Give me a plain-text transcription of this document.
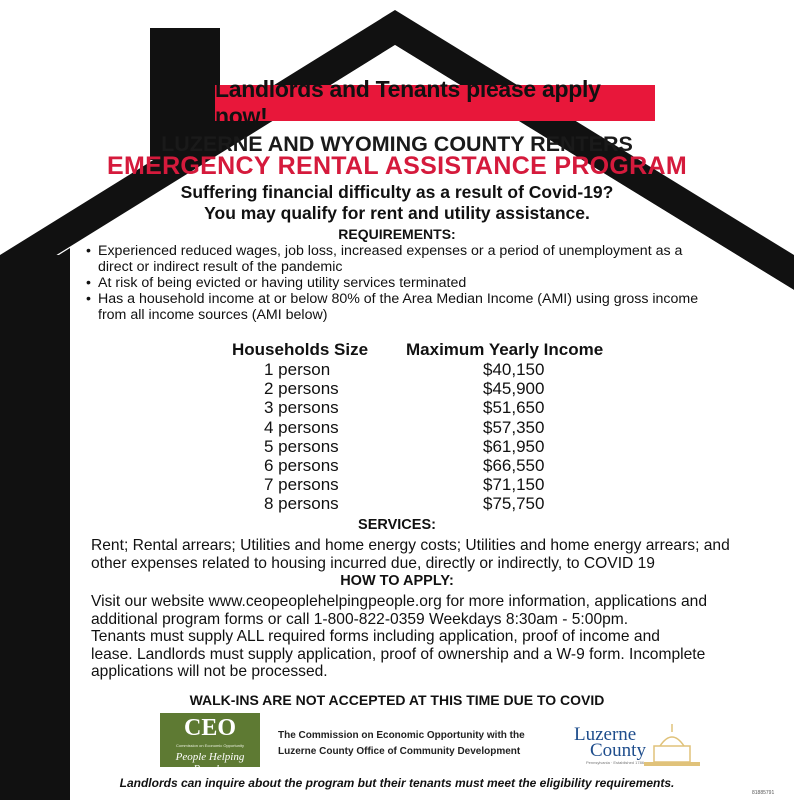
Landlords and Tenants please apply now!
LUZERNE AND WYOMING COUNTY RENTERS
EMERGENCY RENTAL ASSISTANCE PROGRAM
Suffering financial difficulty as a result of Covid-19?
You may qualify for rent and utility assistance.
REQUIREMENTS:
• Experienced reduced wages, job loss, increased expenses or a period of unemployment as a
direct or indirect result of the pandemic
• At risk of being evicted or having utility services terminated
• Has a household income at or below 80% of the Area Median Income (AMI) using gross income
from all income sources (AMI below)
Households Size Maximum Yearly Income
1 person
2 persons
3 persons
4 persons
5 persons
6 persons
7 persons
8 persons
$40,150
$45,900
$51,650
$57,350
$61,950
$66,550
$71,150
$75,750
SERVICES:
Rent; Rental arrears; Utilities and home energy costs; Utilities and home energy arrears; and
other expenses related to housing incurred due, directly or indirectly, to COVID 19
HOW TO APPLY:
Visit our website www.ceopeoplehelpingpeople.org for more information, applications and
additional program forms or call 1-800-822-0359 Weekdays 8:30am - 5:00pm.
Tenants must supply ALL required forms including application, proof of income and
lease. Landlords must supply application, proof of ownership and a W-9 form. Incomplete
applications will not be processed.
WALK-INS ARE NOT ACCEPTED AT THIS TIME DUE TO COVID
CEO
Commission on Economic Opportunity
People Helping People.
The Commission on Economic Opportunity with the
Luzerne County Office of Community Development
Luzerne
County
Pennsylvania · Established 1786
Landlords can inquire about the program but their tenants must meet the eligibility requirements.
81885791
